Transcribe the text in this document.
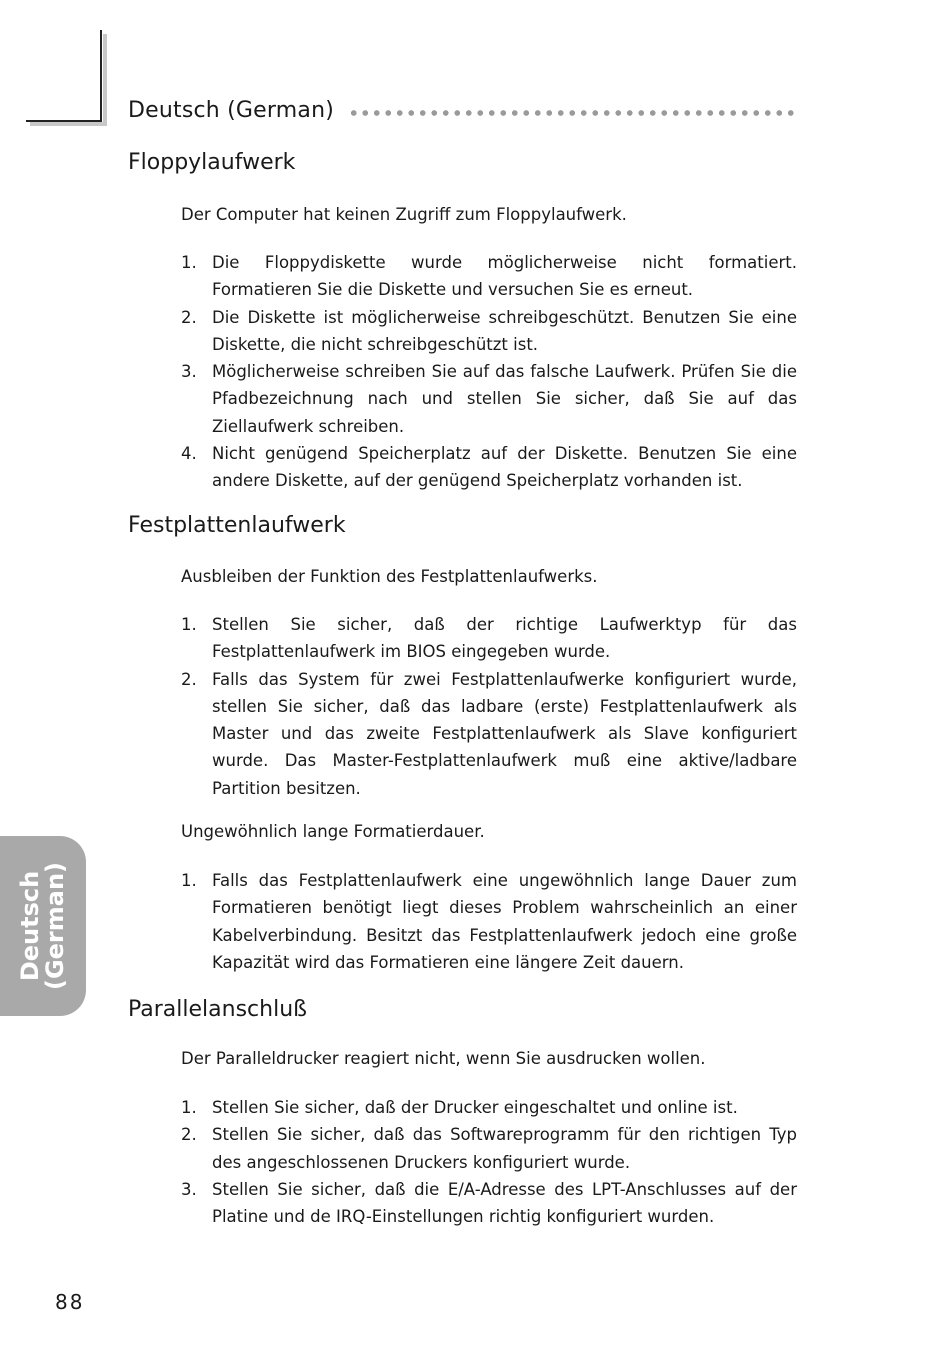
Deutsch (German)
Floppylaufwerk

Der Computer hat keinen Zugriff zum Floppylaufwerk.

1. Die Floppydiskette wurde möglicherweise nicht formatiert. Formatieren Sie die Diskette und versuchen Sie es erneut.
2. Die Diskette ist möglicherweise schreibgeschützt. Benutzen Sie eine Diskette, die nicht schreibgeschützt ist.
3. Möglicherweise schreiben Sie auf das falsche Laufwerk. Prüfen Sie die Pfadbezeichnung nach und stellen Sie sicher, daß Sie auf das Ziellaufwerk schreiben.
4. Nicht genügend Speicherplatz auf der Diskette. Benutzen Sie eine andere Diskette, auf der genügend Speicherplatz vorhanden ist.
Festplattenlaufwerk

Ausbleiben der Funktion des Festplattenlaufwerks.

1. Stellen Sie sicher, daß der richtige Laufwerktyp für das Festplattenlaufwerk im BIOS eingegeben wurde.
2. Falls das System für zwei Festplattenlaufwerke konfiguriert wurde, stellen Sie sicher, daß das ladbare (erste) Festplattenlaufwerk als Master und das zweite Festplattenlaufwerk als Slave konfiguriert wurde. Das Master-Festplattenlaufwerk muß eine aktive/ladbare Partition besitzen.

Ungewöhnlich lange Formatierdauer.

1. Falls das Festplattenlaufwerk eine ungewöhnlich lange Dauer zum Formatieren benötigt liegt dieses Problem wahrscheinlich an einer Kabelverbindung. Besitzt das Festplattenlaufwerk jedoch eine große Kapazität wird das Formatieren eine längere Zeit dauern.
Parallelanschluß

Der Paralleldrucker reagiert nicht, wenn Sie ausdrucken wollen.

1. Stellen Sie sicher, daß der Drucker eingeschaltet und online ist.
2. Stellen Sie sicher, daß das Softwareprogramm für den richtigen Typ des angeschlossenen Druckers konfiguriert wurde.
3. Stellen Sie sicher, daß die E/A-Adresse des LPT-Anschlusses auf der Platine und de IRQ-Einstellungen richtig konfiguriert wurden.
Deutsch
(German)
88
